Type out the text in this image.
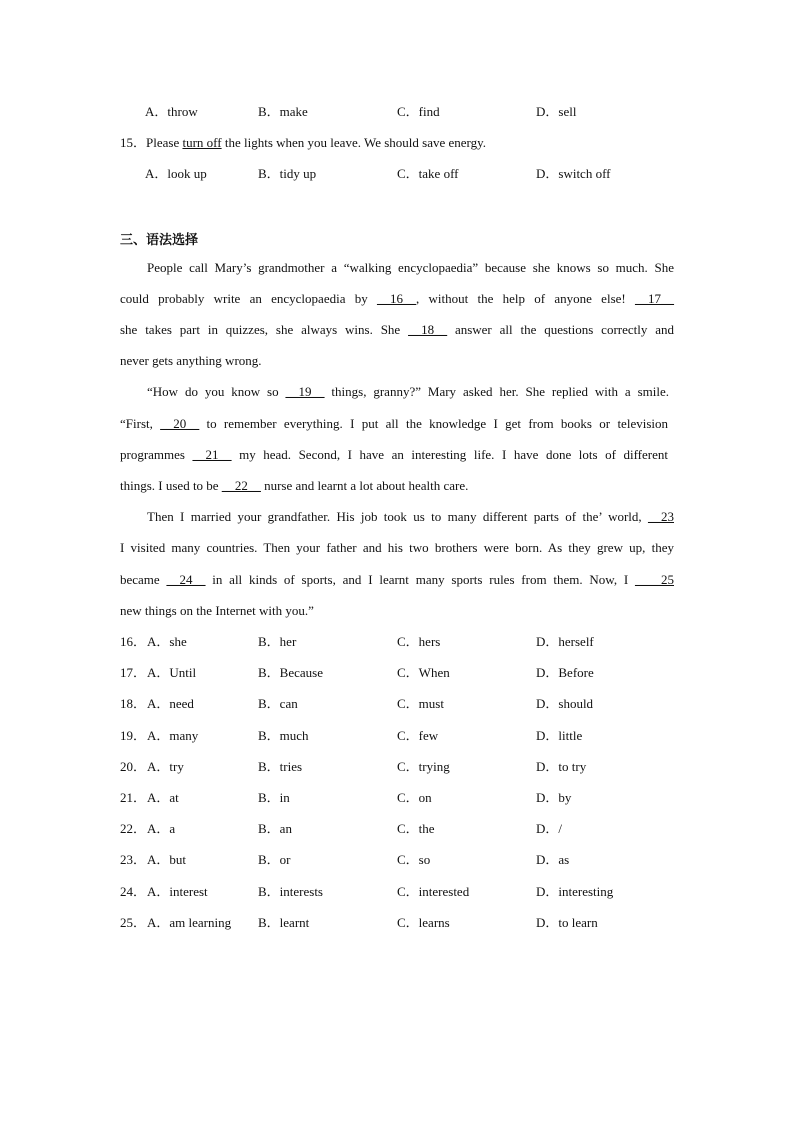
A．throw	B．make	C．find	D．sell
15．Please turn off the lights when you leave. We should save energy.
A．look up	B．tidy up	C．take off	D．switch off
三、语法选择
People call Mary’s grandmother a “walking encyclopaedia” because she knows so much. She
could probably write an encyclopaedia by __16__, without the help of anyone else! __17__
she takes part in quizzes, she always wins. She __18__ answer all the questions correctly and
never gets anything wrong.
“How do you know so __19__ things, granny?” Mary asked her. She replied with a smile.
“First, __20__ to remember everything. I put all the knowledge I get from books or television
programmes __21__ my head. Second, I have an interesting life. I have done lots of different
things. I used to be __22__ nurse and learnt a lot about health care.
Then I married your grandfather. His job took us to many different parts of the’ world, __23
I visited many countries. Then your father and his two brothers were born. As they grew up, they
became __24__ in all kinds of sports, and I learnt many sports rules from them. Now, I ____25
new things on the Internet with you.”
16． A．she	B．her	C．hers	D．herself
17． A．Until	B．Because	C．When	D．Before
18． A．need	B．can	C．must	D．should
19． A．many	B．much	C．few	D．little
20． A．try	B．tries	C．trying	D．to try
21． A．at	B．in	C．on	D．by
22． A．a	B．an	C．the	D．/
23． A．but	B．or	C．so	D．as
24． A．interest	B．interests	C．interested	D．interesting
25． A．am learning B．learnt	C．learns	D．to learn
